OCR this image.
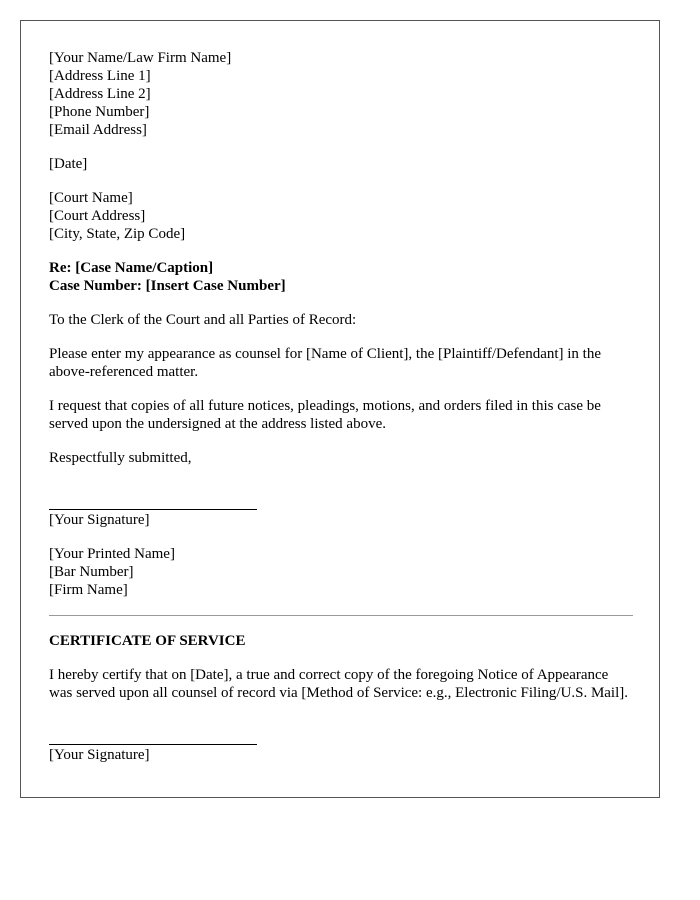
[Your Name/Law Firm Name]
[Address Line 1]
[Address Line 2]
[Phone Number]
[Email Address]
[Date]
[Court Name]
[Court Address]
[City, State, Zip Code]
Re: [Case Name/Caption]
Case Number: [Insert Case Number]

To the Clerk of the Court and all Parties of Record:

Please enter my appearance as counsel for [Name of Client], the [Plaintiff/Defendant] in the above-referenced matter.

I request that copies of all future notices, pleadings, motions, and orders filed in this case be served upon the undersigned at the address listed above.

Respectfully submitted,

[Your Signature]
[Your Printed Name]
[Bar Number]
[Firm Name]
CERTIFICATE OF SERVICE

I hereby certify that on [Date], a true and correct copy of the foregoing Notice of Appearance was served upon all counsel of record via [Method of Service: e.g., Electronic Filing/U.S. Mail].

[Your Signature]
